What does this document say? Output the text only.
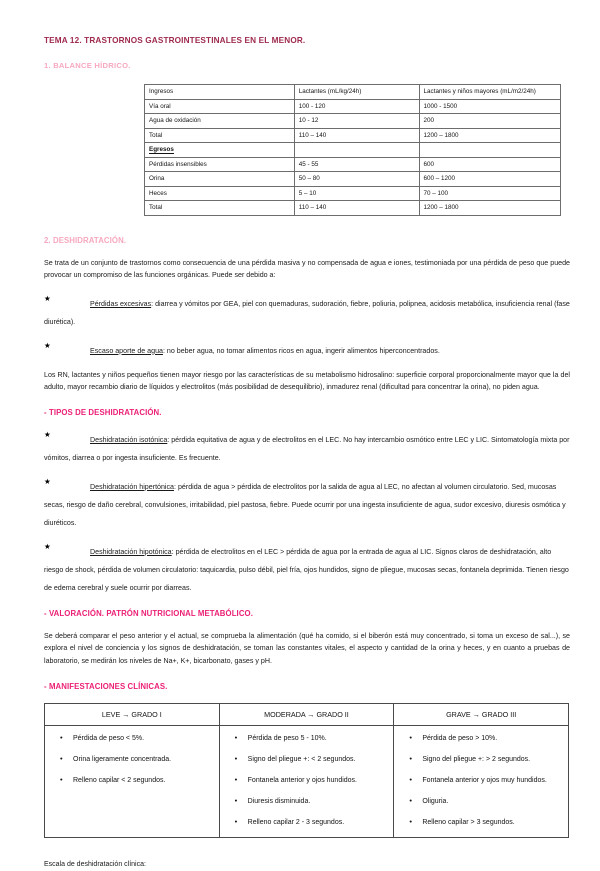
TEMA 12. TRASTORNOS GASTROINTESTINALES EN EL MENOR.
1. BALANCE HÍDRICO.
Ingresos	Lactantes (mL/kg/24h)	Lactantes y niños mayores (mL/m2/24h)
Vía oral	100 - 120	1000 - 1500
Agua de oxidación	10 - 12	200
Total	110 – 140	1200 – 1800
Egresos		
Pérdidas insensibles	45 - 55	600
Orina	50 – 80	600 – 1200
Heces	5 – 10	70 – 100
Total	110 – 140	1200 – 1800
2. DESHIDRATACIÓN.

Se trata de un conjunto de trastornos como consecuencia de una pérdida masiva y no compensada de agua e iones, testimoniada por una pérdida de peso que puede provocar un compromiso de las funciones orgánicas. Puede ser debido a:

★Pérdidas excesivas: diarrea y vómitos por GEA, piel con quemaduras, sudoración, fiebre, poliuria, polipnea, acidosis metabólica, insuficiencia renal (fase diurética).
★Escaso aporte de agua: no beber agua, no tomar alimentos ricos en agua, ingerir alimentos hiperconcentrados.

Los RN, lactantes y niños pequeños tienen mayor riesgo por las características de su metabolismo hidrosalino: superficie corporal proporcionalmente mayor que la del adulto, mayor recambio diario de líquidos y electrolitos (más posibilidad de desequilibrio), inmadurez renal (dificultad para concentrar la orina), no piden agua.

- TIPOS DE DESHIDRATACIÓN.
★Deshidratación isotónica: pérdida equitativa de agua y de electrolitos en el LEC. No hay intercambio osmótico entre LEC y LIC. Sintomatología mixta por vómitos, diarrea o por ingesta insuficiente. Es frecuente.
★Deshidratación hipertónica: pérdida de agua > pérdida de electrolitos por la salida de agua al LEC, no afectan al volumen circulatorio. Sed, mucosas secas, riesgo de daño cerebral, convulsiones, irritabilidad, piel pastosa, fiebre. Puede ocurrir por una ingesta insuficiente de agua, sudor excesivo, diuresis osmótica y diuréticos.
★Deshidratación hipotónica: pérdida de electrolitos en el LEC > pérdida de agua por la entrada de agua al LIC. Signos claros de deshidratación, alto riesgo de shock, pérdida de volumen circulatorio: taquicardia, pulso débil, piel fría, ojos hundidos, signo de pliegue, mucosas secas, fontanela deprimida. Tienen riesgo de edema cerebral y suele ocurrir por diarreas.
- VALORACIÓN. PATRÓN NUTRICIONAL METABÓLICO.

Se deberá comparar el peso anterior y el actual, se comprueba la alimentación (qué ha comido, si el biberón está muy concentrado, si toma un exceso de sal...), se explora el nivel de conciencia y los signos de deshidratación, se toman las constantes vitales, el aspecto y cantidad de la orina y heces, y en cuanto a pruebas de laboratorio, se medirán los niveles de Na+, K+, bicarbonato, gases y pH.

- MANIFESTACIONES CLÍNICAS.
LEVE → GRADO I	MODERADA → GRADO II	GRAVE → GRADO III

• Pérdida de peso < 5%.
• Orina ligeramente concentrada.
• Relleno capilar < 2 segundos.

• Pérdida de peso 5 - 10%.
• Signo del pliegue +: < 2 segundos.
• Fontanela anterior y ojos hundidos.
• Diuresis disminuida.
• Relleno capilar 2 - 3 segundos.

• Pérdida de peso > 10%.
• Signo del pliegue +: > 2 segundos.
• Fontanela anterior y ojos muy hundidos.
• Oliguria.
• Relleno capilar > 3 segundos.
Escala de deshidratación clínica:
